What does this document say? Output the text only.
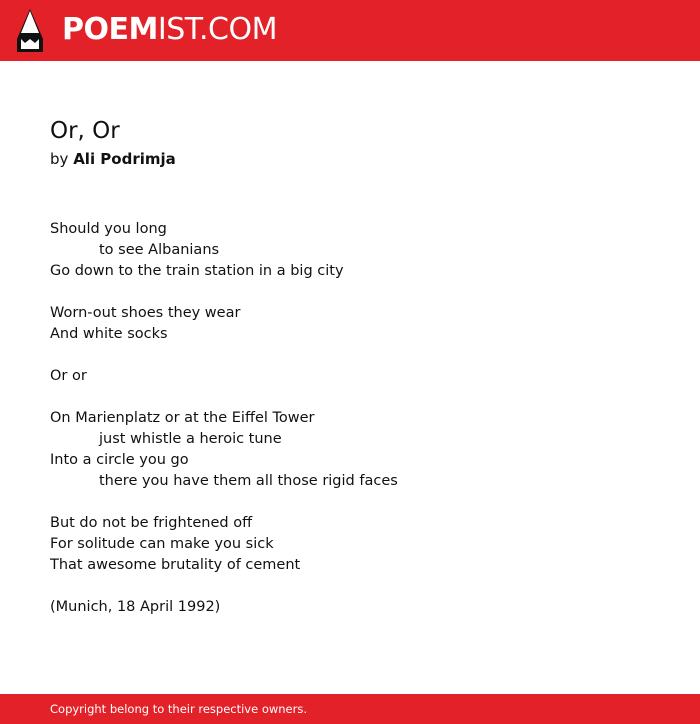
POEMIST.COM
Or, Or
by Ali Podrimja
Should you long
to see Albanians
Go down to the train station in a big city
Worn-out shoes they wear
And white socks
Or or
On Marienplatz or at the Eiffel Tower
just whistle a heroic tune
Into a circle you go
there you have them all those rigid faces
But do not be frightened off
For solitude can make you sick
That awesome brutality of cement
(Munich, 18 April 1992)
Copyright belong to their respective owners.
